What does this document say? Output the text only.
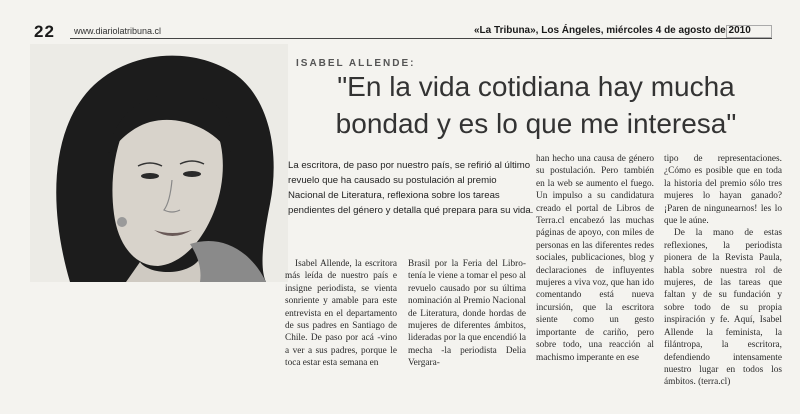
22 www.diariolatribuna.cl	«La Tribuna», Los Ángeles, miércoles 4 de agosto de 2010
ISABEL ALLENDE:
"En la vida cotidiana hay mucha bondad y es lo que me interesa"
La escritora, de paso por nuestro país, se refirió al último revuelo que ha causado su postulación al premio Nacional de Literatura, reflexiona sobre los tareas pendientes del género y detalla qué prepara para su vida.

Isabel Allende, la escritora más leída de nuestro país e insigne periodista, se vienta sonriente y amable para este entrevista en el departamento de sus padres en Santiago de Chile. De paso por acá -vino a ver a sus padres, porque le toca estar esta semana en

Brasil por la Feria del Libro- tenía le viene a tomar el peso al revuelo causado por su última nominación al Premio Nacional de Literatura, donde hordas de mujeres de diferentes ámbitos, lideradas por la que encendió la mecha -la periodista Delia Vergara-

han hecho una causa de género su postulación. Pero también en la web se aumento el fuego. Un impulso a su candidatura creado el portal de Libros de Terra.cl encabezó las muchas páginas de apoyo, con miles de personas en las diferentes redes sociales, publicaciones, blog y declaraciones de influyentes mujeres a viva voz, que han ido comentando está nueva incursión, que la escritora siente como un gesto importante de cariño, pero sobre todo, una reacción al machismo imperante en ese

tipo de representaciones. ¿Cómo es posible que en toda la historia del premio sólo tres mujeres lo hayan ganado? ¡Paren de ningunearnos! les lo que le aúne.

De la mano de estas reflexiones, la periodista pionera de la Revista Paula, habla sobre nuestra rol de mujeres, de las tareas que faltan y de su fundación y sobre todo de su propia inspiración y fe. Aquí, Isabel Allende la feminista, la filántropa, la escritora, defendiendo intensamente nuestro lugar en todos los ámbitos. (terra.cl)
